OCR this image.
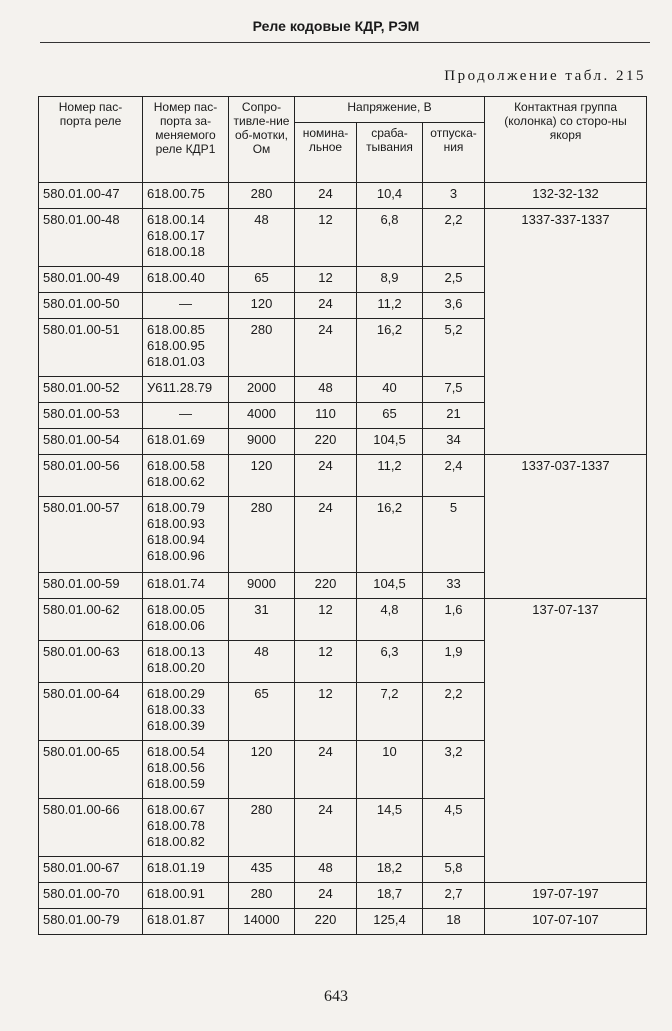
Реле кодовые КДР, РЭМ
Продолжение табл. 215
Номер пас-порта реле	Номер пас-порта за-меняемого реле КДР1	Сопро-тивле-ние об-мотки, Ом	Напряжение, В			Контактная группа (колонка) со сторо-ны якоря
			номина-льное	сраба-тывания	отпуска-ния	
580.01.00-47	618.00.75	280	24	10,4	3	132-32-132
580.01.00-48	618.00.14
618.00.17
618.00.18	48	12	6,8	2,2	1337-337-1337
580.01.00-49	618.00.40	65	12	8,9	2,5	
580.01.00-50	—	120	24	11,2	3,6	
580.01.00-51	618.00.85
618.00.95
618.01.03	280	24	16,2	5,2	
580.01.00-52	У611.28.79	2000	48	40	7,5	
580.01.00-53	—	4000	110	65	21	
580.01.00-54	618.01.69	9000	220	104,5	34	
580.01.00-56	618.00.58
618.00.62	120	24	11,2	2,4	1337-037-1337
580.01.00-57	618.00.79
618.00.93
618.00.94
618.00.96	280	24	16,2	5	
580.01.00-59	618.01.74	9000	220	104,5	33	
580.01.00-62	618.00.05
618.00.06	31	12	4,8	1,6	137-07-137
580.01.00-63	618.00.13
618.00.20	48	12	6,3	1,9	
580.01.00-64	618.00.29
618.00.33
618.00.39	65	12	7,2	2,2	
580.01.00-65	618.00.54
618.00.56
618.00.59	120	24	10	3,2	
580.01.00-66	618.00.67
618.00.78
618.00.82	280	24	14,5	4,5	
580.01.00-67	618.01.19	435	48	18,2	5,8	
580.01.00-70	618.00.91	280	24	18,7	2,7	197-07-197
580.01.00-79	618.01.87	14000	220	125,4	18	107-07-107
643
